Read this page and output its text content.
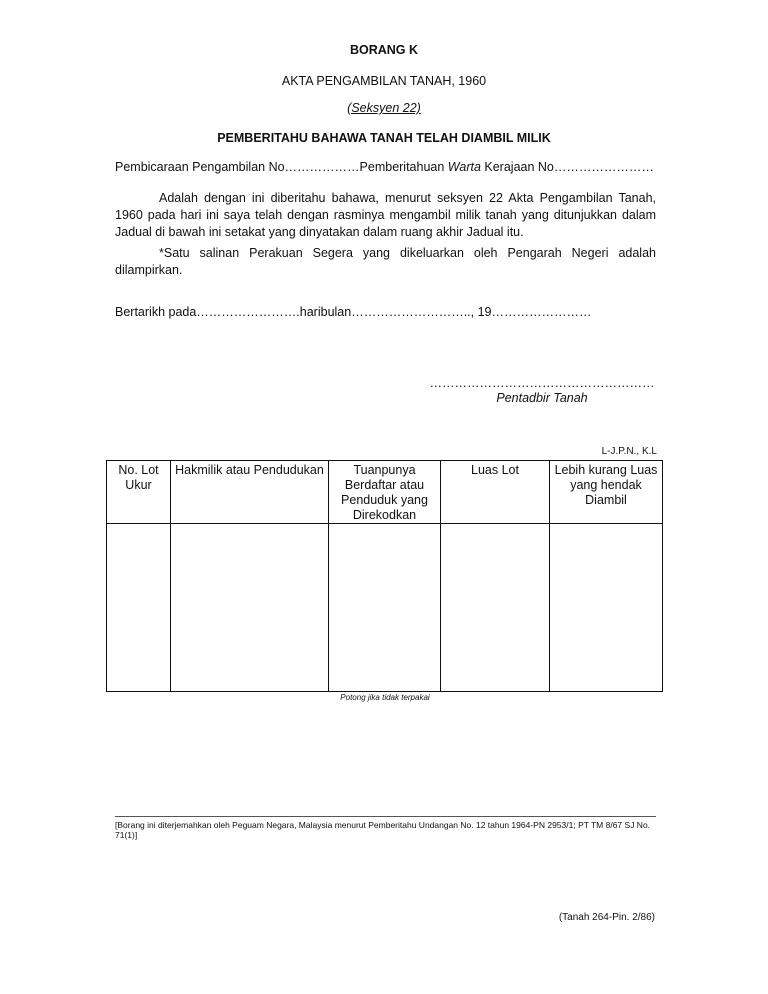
BORANG K
AKTA PENGAMBILAN TANAH, 1960
(Seksyen 22)
PEMBERITAHU BAHAWA TANAH TELAH DIAMBIL MILIK
Pembicaraan Pengambilan No………………Pemberitahuan Warta Kerajaan No……………………
Adalah dengan ini diberitahu bahawa, menurut seksyen 22 Akta Pengambilan Tanah, 1960 pada hari ini saya telah dengan rasminya mengambil milik tanah yang ditunjukkan dalam Jadual di bawah ini setakat yang dinyatakan dalam ruang akhir Jadual itu.
*Satu salinan Perakuan Segera yang dikeluarkan oleh Pengarah Negeri adalah dilampirkan.
Bertarikh pada…………………….haribulan……………………….., 19……………………
………………………………………………
Pentadbir Tanah
L-J.P.N., K.L
No. Lot Ukur	Hakmilik atau Pendudukan	Tuanpunya Berdaftar atau Penduduk yang Direkodkan	Luas Lot	Lebih kurang Luas yang hendak Diambil

Potong jika tidak terpakai
[Borang ini diterjemahkan oleh Peguam Negara, Malaysia menurut Pemberitahu Undangan No. 12 tahun 1964-PN 2953/1; PT TM 8/67 SJ No. 71(1)]
(Tanah 264-Pin. 2/86)
